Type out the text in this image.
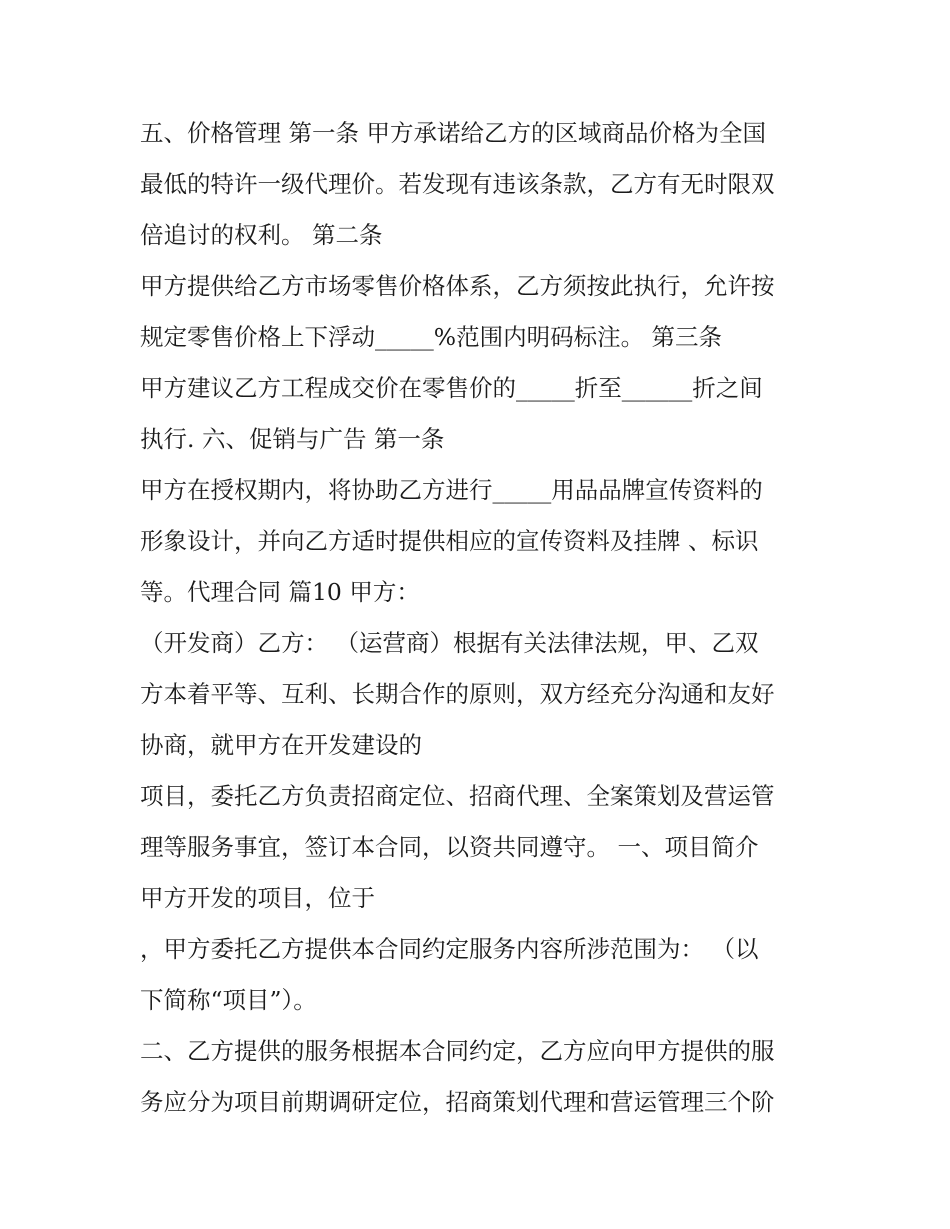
五、价格管理 第一条 甲方承诺给乙方的区域商品价格为全国
最低的特许一级代理价。若发现有违该条款，乙方有无时限双
倍追讨的权利。 第二条
甲方提供给乙方市场零售价格体系，乙方须按此执行，允许按
规定零售价格上下浮动_____%范围内明码标注。 第三条
甲方建议乙方工程成交价在零售价的_____折至______折之间
执行. 六、促销与广告 第一条
甲方在授权期内，将协助乙方进行_____用品品牌宣传资料的
形象设计，并向乙方适时提供相应的宣传资料及挂牌 、标识
等。代理合同 篇10 甲方：
（开发商）乙方： （运营商）根据有关法律法规，甲、乙双
方本着平等、互利、长期合作的原则，双方经充分沟通和友好
协商，就甲方在开发建设的
项目，委托乙方负责招商定位、招商代理、全案策划及营运管
理等服务事宜，签订本合同，以资共同遵守。 一、项目简介
甲方开发的项目，位于
，甲方委托乙方提供本合同约定服务内容所涉范围为： （以
下简称“项目”）。
二、乙方提供的服务根据本合同约定，乙方应向甲方提供的服
务应分为项目前期调研定位，招商策划代理和营运管理三个阶
